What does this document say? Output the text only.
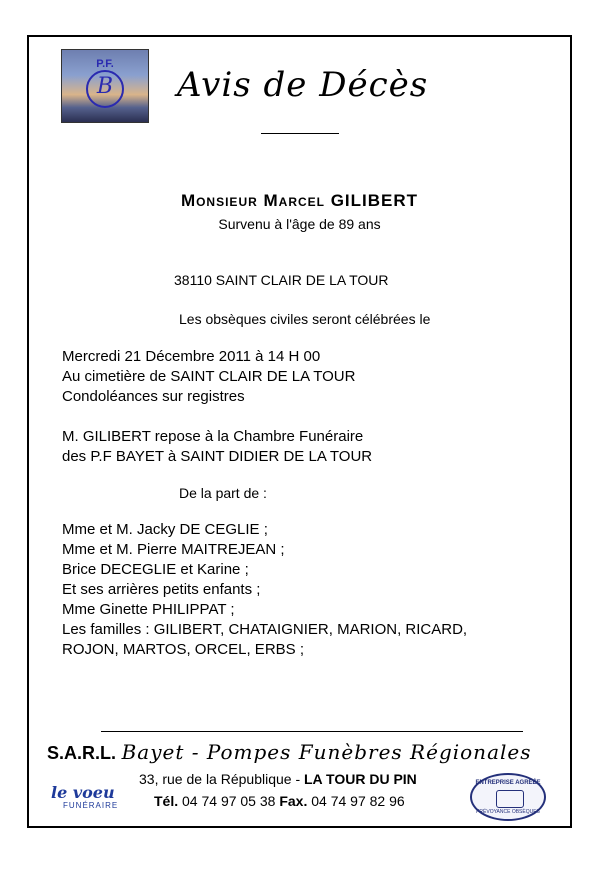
P.F.
B	Avis de Décès
Monsieur Marcel GILIBERT
Survenu à l'âge de 89 ans
38110 SAINT CLAIR DE LA TOUR
Les obsèques civiles seront célébrées le
Mercredi 21 Décembre 2011 à 14 H 00
Au cimetière de SAINT CLAIR DE LA TOUR
Condoléances sur registres
M. GILIBERT repose à la Chambre Funéraire
des P.F BAYET à SAINT DIDIER DE LA TOUR
De la part de :
Mme et M. Jacky DE CEGLIE ;
Mme et M. Pierre MAITREJEAN ;
Brice DECEGLIE et Karine ;
Et ses arrières petits enfants ;
Mme Ginette PHILIPPAT ;
Les familles : GILIBERT, CHATAIGNIER, MARION, RICARD,
ROJON, MARTOS, ORCEL, ERBS ;
S.A.R.L. Bayet - Pompes Funèbres Régionales
le voeu
FUNÉRAIRE
33, rue de la République - LA TOUR DU PIN
Tél. 04 74 97 05 38 Fax. 04 74 97 82 96
ENTREPRISE AGRÉÉE
PRÉVOYANCE OBSÈQUES
